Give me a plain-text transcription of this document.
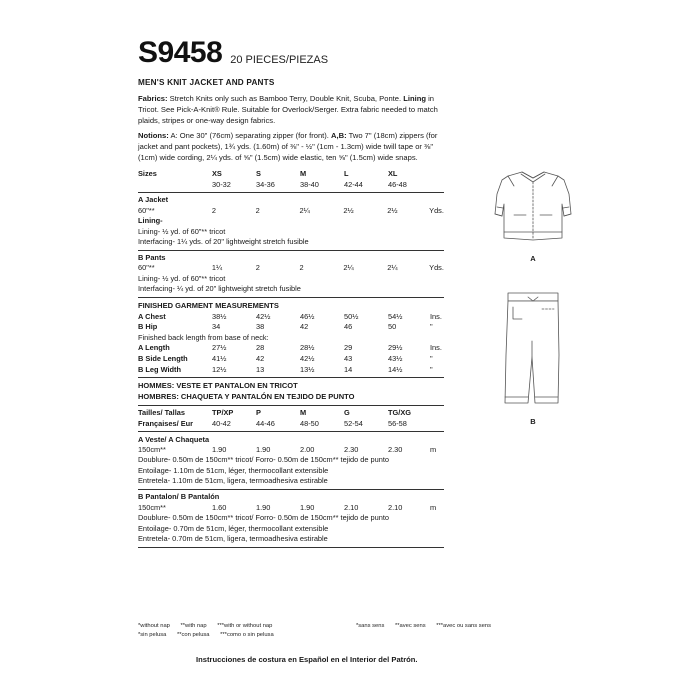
S9458 20 PIECES/PIEZAS
MEN'S KNIT JACKET AND PANTS
Fabrics: Stretch Knits only such as Bamboo Terry, Double Knit, Scuba, Ponte. Lining in Tricot. See Pick-A-Knit® Rule. Suitable for Overlock/Serger. Extra fabric needed to match plaids, stripes or one-way design fabrics.
Notions: A: One 30" (76cm) separating zipper (for front). A,B: Two 7" (18cm) zippers (for jacket and pant pockets), 1¾ yds. (1.60m) of ⅜" - ½" (1cm - 1.3cm) wide twill tape or ⅜" (1cm) wide cording, 2¼ yds. of ⅝" (1.5cm) wide elastic, ten ⅝" (1.5cm) wide snaps.
Sizes	XS	S	M	L	XL	
	30-32	34-36	38-40	42-44	46-48	
A Jacket						
60"**	2	2	2¼	2½	2½	Yds.
Lining-
Lining- ½ yd. of 60"** tricot
Interfacing- 1¼ yds. of 20" lightweight stretch fusible
B Pants						
60"**	1¼	2	2	2¼	2¼	Yds.
Lining- ½ yd. of 60"** tricot
Interfacing- ¼ yd. of 20" lightweight stretch fusible
FINISHED GARMENT MEASUREMENTS
A Chest	38½	42½	46½	50½	54½	Ins.
B Hip	34	38	42	46	50	"
Finished back length from base of neck:
A Length	27½	28	28½	29	29½	Ins.
B Side Length	41½	42	42½	43	43½	"
B Leg Width	12½	13	13½	14	14½	"
HOMMES: VESTE ET PANTALON EN TRICOT
HOMBRES: CHAQUETA Y PANTALÓN EN TEJIDO DE PUNTO
Tailles/ Tallas	TP/XP	P	M	G	TG/XG	
Françaises/ Eur	40-42	44-46	48-50	52-54	56-58	
A Veste/ A Chaqueta
150cm**	1.90	1.90	2.00	2.30	2.30	m
Doublure- 0.50m de 150cm** tricot/ Forro- 0.50m de 150cm** tejido de punto
Entoilage- 1.10m de 51cm, léger, thermocollant extensible
Entretela- 1.10m de 51cm, ligera, termoadhesiva estirable
B Pantalon/ B Pantalón
150cm**	1.60	1.90	1.90	2.10	2.10	m
Doublure- 0.50m de 150cm** tricot/ Forro- 0.50m de 150cm** tejido de punto
Entoilage- 0.70m de 51cm, léger, thermocollant extensible
Entretela- 0.70m de 51cm, ligera, termoadhesiva estirable
*without nap **with nap ***with or without nap	*sans sens **avec sens ***avec ou sans sens
*sin pelusa **con pelusa ***como o sin pelusa
Instrucciones de costura en Español en el Interior del Patrón.
A
B
